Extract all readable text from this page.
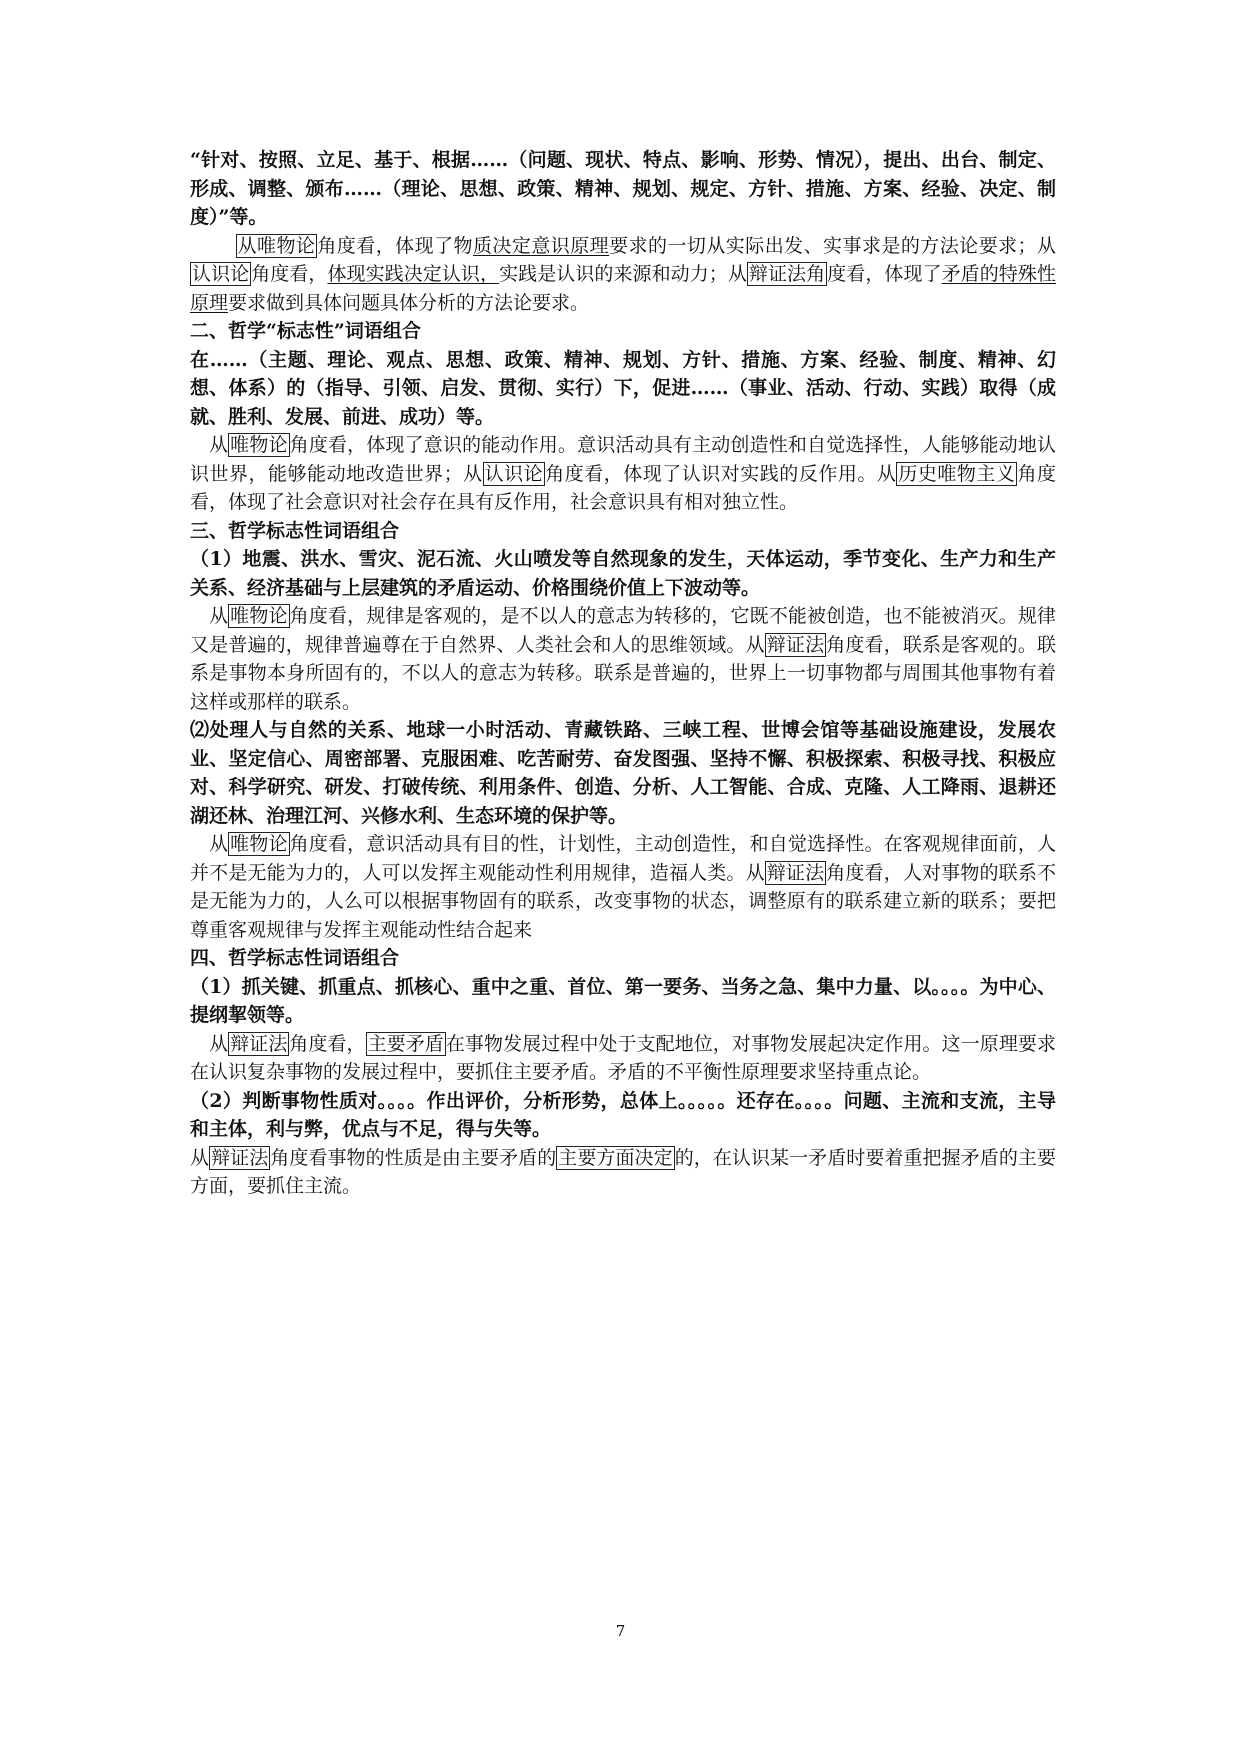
“针对、按照、立足、基于、根据……（问题、现状、特点、影响、形势、情况），提出、出台、制定、形成、调整、颁布……（理论、思想、政策、精神、规划、规定、方针、措施、方案、经验、决定、制度）”等。

从唯物论 角度看，体现了物质决定意识原理要求的一切从实际出发、实事求是的方法论要求；从认识论 角度看，体现实践决定认识，实践是认识的来源和动力；从 辩证法角 度看，体现了矛盾的特殊性原理要求做到具体问题具体分析的方法论要求。

二、哲学“标志性”词语组合

在……（主题、理论、观点、思想、政策、精神、规划、方针、措施、方案、经验、制度、精神、幻想、体系）的（指导、引领、启发、贯彻、实行）下，促进……（事业、活动、行动、实践）取得（成就、胜利、发展、前进、成功）等。

从 唯物论 角度看，体现了意识的能动作用。意识活动具有主动创造性和自觉选择性，人能够能动地认识世界，能够能动地改造世界；从 认识论 角度看，体现了认识对实践的反作用。从 历史唯物主义 角度看，体现了社会意识对社会存在具有反作用，社会意识具有相对独立性。

三、哲学标志性词语组合

（1）地震、洪水、雪灾、泥石流、火山喷发等自然现象的发生，天体运动，季节变化、生产力和生产关系、经济基础与上层建筑的矛盾运动、价格围绕价值上下波动等。

从 唯物论 角度看，规律是客观的，是不以人的意志为转移的，它既不能被创造，也不能被消灭。规律又是普遍的，规律普遍尊在于自然界、人类社会和人的思维领域。从 辩证法 角度看，联系是客观的。联系是事物本身所固有的，不以人的意志为转移。联系是普遍的，世界上一切事物都与周围其他事物有着这样或那样的联系。

⑵处理人与自然的关系、地球一小时活动、青藏铁路、三峡工程、世博会馆等基础设施建设，发展农业、坚定信心、周密部署、克服困难、吃苦耐劳、奋发图强、坚持不懈、积极探索、积极寻找、积极应对、科学研究、研发、打破传统、利用条件、创造、分析、人工智能、合成、克隆、人工降雨、退耕还湖还林、治理江河、兴修水利、生态环境的保护等。

从 唯物论 角度看，意识活动具有目的性，计划性，主动创造性，和自觉选择性。在客观规律面前，人并不是无能为力的，人可以发挥主观能动性利用规律，造福人类。从 辩证法 角度看，人对事物的联系不是无能为力的，人么可以根据事物固有的联系，改变事物的状态，调整原有的联系建立新的联系；要把尊重客观规律与发挥主观能动性结合起来

四、哲学标志性词语组合

（1）抓关键、抓重点、抓核心、重中之重、首位、第一要务、当务之急、集中力量、以。。。。为中心、提纲挈领等。

从 辩证法 角度看， 主要矛盾 在事物发展过程中处于支配地位，对事物发展起决定作用。这一原理要求在认识复杂事物的发展过程中，要抓住主要矛盾。矛盾的不平衡性原理要求坚持重点论。

（2）判断事物性质对。。。。作出评价，分析形势，总体上。。。。。还存在。。。。问题、主流和支流，主导和主体，利与弊，优点与不足，得与失等。

从 辩证法 角度看事物的性质是由主要矛盾的 主要方面决定 的，在认识某一矛盾时要着重把握矛盾的主要方面，要抓住主流。

7
